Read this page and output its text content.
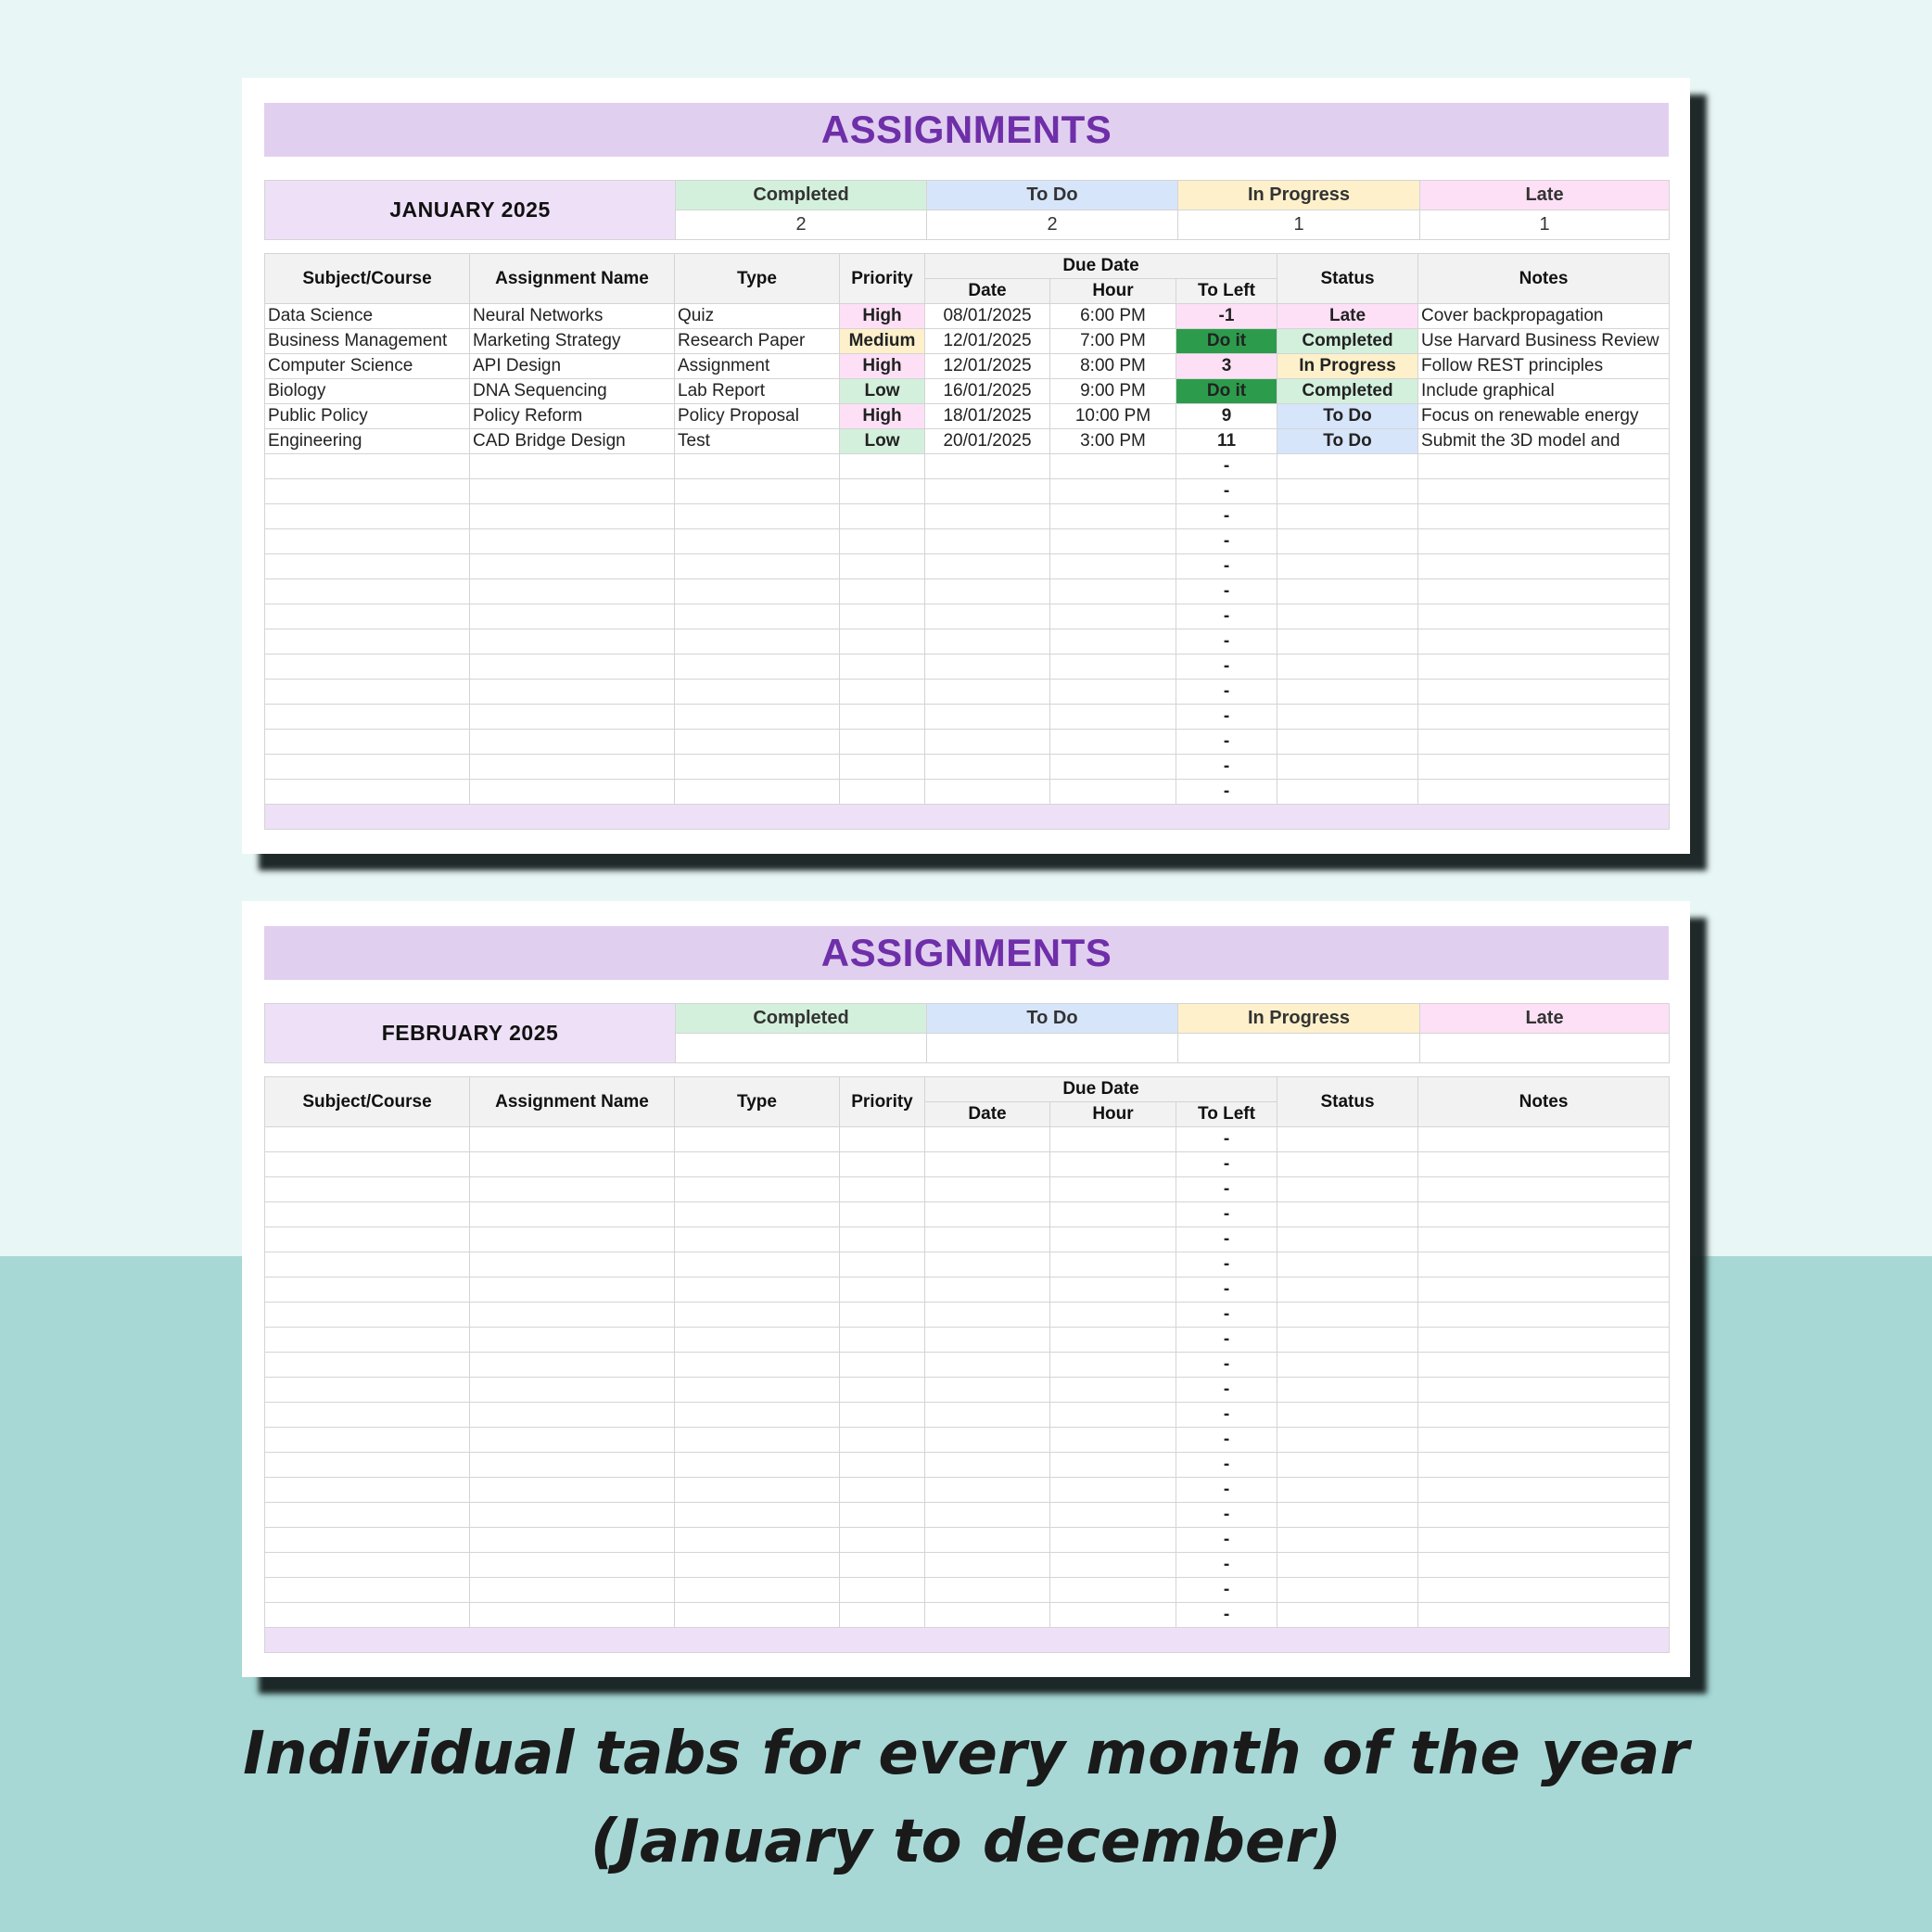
ASSIGNMENTS
JANUARY 2025	Completed	To Do	In Progress	Late
	2	2	1	1
Subject/Course	Assignment Name	Type	Priority	Due Date			Status	Notes
				Date	Hour	To Left		
Data Science	Neural Networks	Quiz	High	08/01/2025	6:00 PM	-1	Late	Cover backpropagation
Business Management	Marketing Strategy	Research Paper	Medium	12/01/2025	7:00 PM	Do it	Completed	Use Harvard Business Review
Computer Science	API Design	Assignment	High	12/01/2025	8:00 PM	3	In Progress	Follow REST principles
Biology	DNA Sequencing	Lab Report	Low	16/01/2025	9:00 PM	Do it	Completed	Include graphical
Public Policy	Policy Reform	Policy Proposal	High	18/01/2025	10:00 PM	9	To Do	Focus on renewable energy
Engineering	CAD Bridge Design	Test	Low	20/01/2025	3:00 PM	11	To Do	Submit the 3D model and
						-		
						-		
						-		
						-		
						-		
						-		
						-		
						-		
						-		
						-		
						-		
						-		
						-		
						-		

ASSIGNMENTS
FEBRUARY 2025	Completed	To Do	In Progress	Late

Subject/Course	Assignment Name	Type	Priority	Due Date			Status	Notes
				Date	Hour	To Left		
						-		
						-		
						-		
						-		
						-		
						-		
						-		
						-		
						-		
						-		
						-		
						-		
						-		
						-		
						-		
						-		
						-		
						-		
						-		
						-		

Individual tabs for every month of the year
(January to december)
